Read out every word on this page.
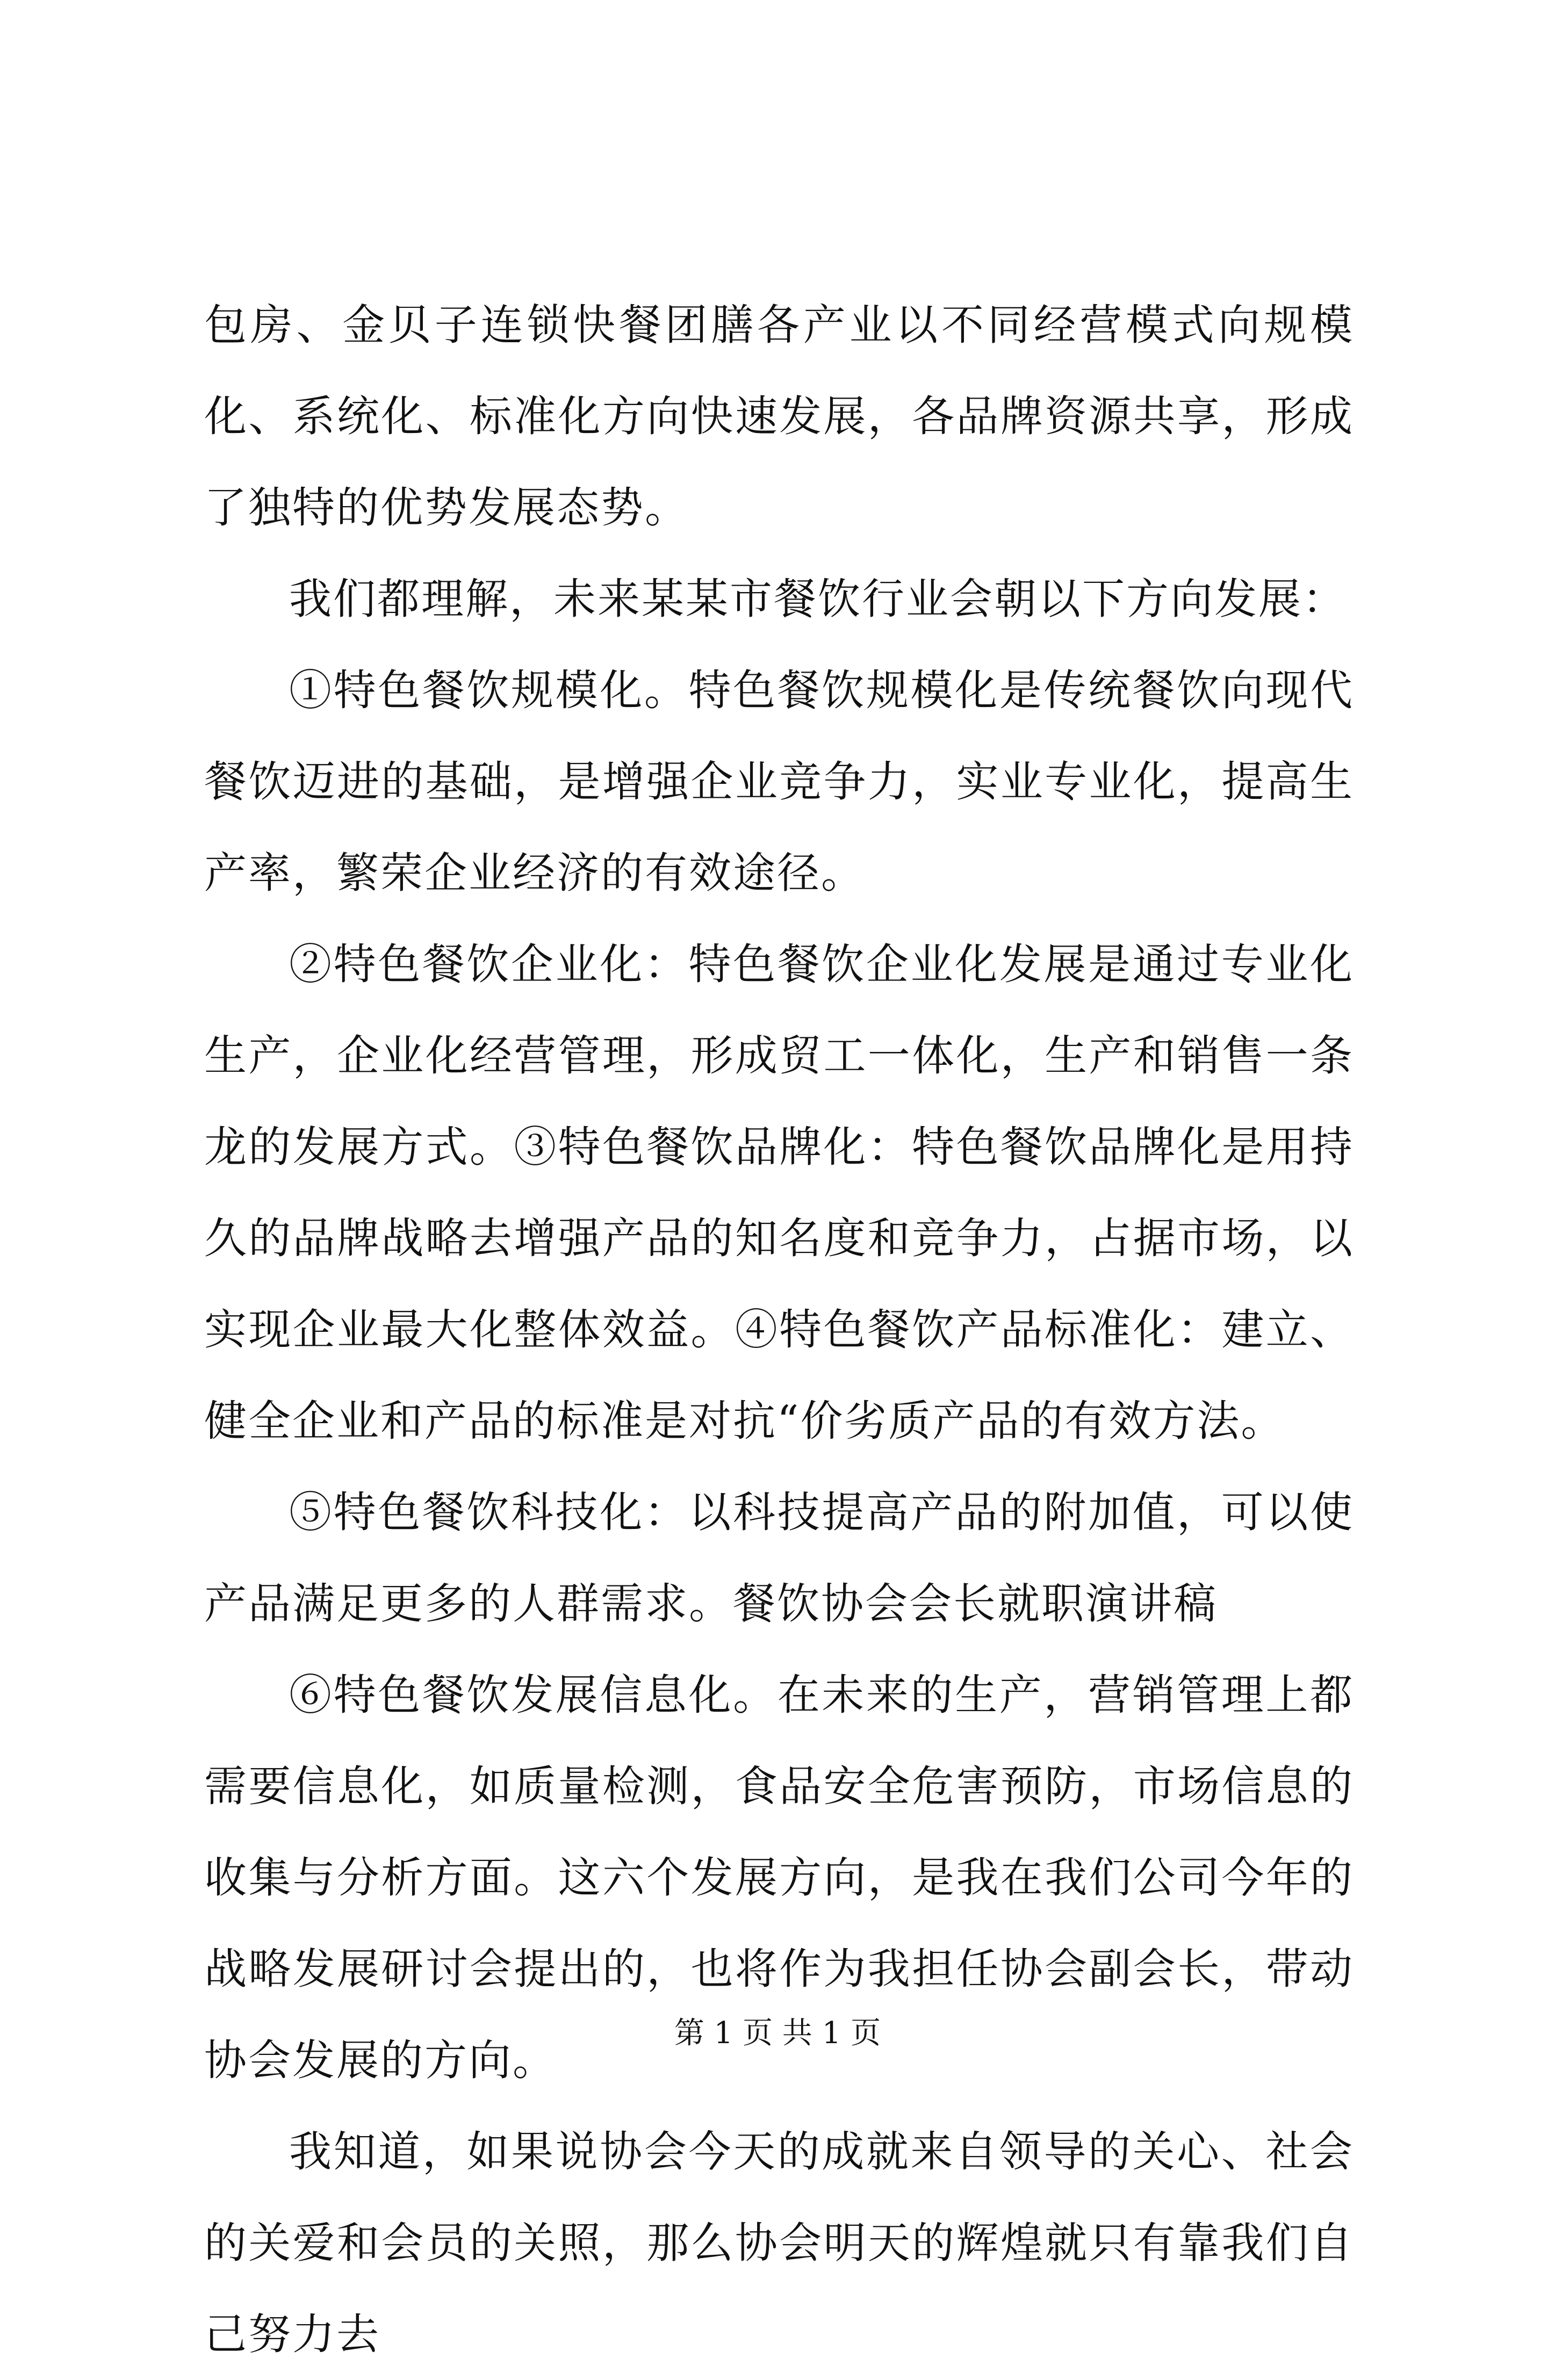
包房、金贝子连锁快餐团膳各产业以不同经营模式向规模化、系统化、标准化方向快速发展，各品牌资源共享，形成了独特的优势发展态势。

我们都理解，未来某某市餐饮行业会朝以下方向发展：

①特色餐饮规模化。特色餐饮规模化是传统餐饮向现代餐饮迈进的基础，是增强企业竞争力，实业专业化，提高生产率，繁荣企业经济的有效途径。

②特色餐饮企业化：特色餐饮企业化发展是通过专业化生产，企业化经营管理，形成贸工一体化，生产和销售一条龙的发展方式。③特色餐饮品牌化：特色餐饮品牌化是用持久的品牌战略去增强产品的知名度和竞争力，占据市场，以实现企业最大化整体效益。④特色餐饮产品标准化：建立、健全企业和产品的标准是对抗“价劣质产品的有效方法。

⑤特色餐饮科技化：以科技提高产品的附加值，可以使产品满足更多的人群需求。餐饮协会会长就职演讲稿

⑥特色餐饮发展信息化。在未来的生产，营销管理上都需要信息化，如质量检测，食品安全危害预防，市场信息的收集与分析方面。这六个发展方向，是我在我们公司今年的战略发展研讨会提出的，也将作为我担任协会副会长，带动协会发展的方向。

我知道，如果说协会今天的成就来自领导的关心、社会的关爱和会员的关照，那么协会明天的辉煌就只有靠我们自己努力去

第 1 页 共 1 页
